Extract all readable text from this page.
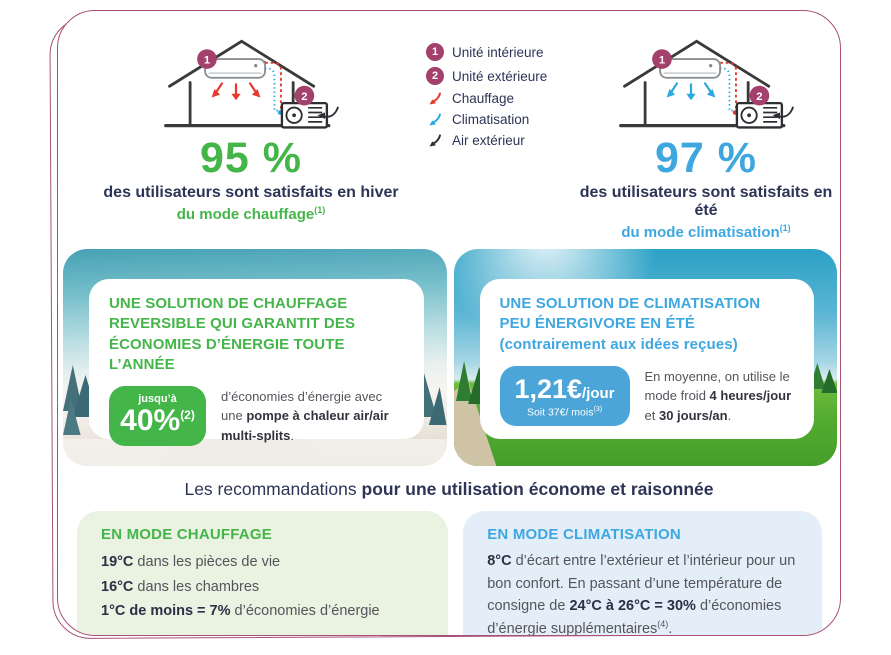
1
2
95 %
des utilisateurs sont satisfaits en hiver
du mode chauffage$^{(1)}$
1	Unité intérieure
2	Unité extérieure
Chauffage
Climatisation
Air extérieur
1
2
97 %
des utilisateurs sont satisfaits en été
du mode climatisation$^{(1)}$
UNE SOLUTION DE CHAUFFAGE REVERSIBLE QUI GARANTIT DES ÉCONOMIES D’ÉNERGIE TOUTE L’ANNÉE
jusqu’à
40%$^{(2)}$
d’économies d’énergie avec une pompe à chaleur air/air multi-splits.
UNE SOLUTION DE CLIMATISATION PEU ÉNERGIVORE EN ÉTÉ
(contrairement aux idées reçues)
1,21€/jour
Soit 37€/ mois$^{(3)}$
En moyenne, on utilise le mode froid 4 heures/jour et 30 jours/an.
Les recommandations pour une utilisation économe et raisonnée
EN MODE CHAUFFAGE
19°C dans les pièces de vie
16°C dans les chambres
1°C de moins = 7% d’économies d’énergie
EN MODE CLIMATISATION
8°C d’écart entre l’extérieur et l’intérieur pour un bon confort. En passant d’une température de consigne de 24°C à 26°C = 30% d’économies d’énergie supplémentaires$^{(4)}$.
